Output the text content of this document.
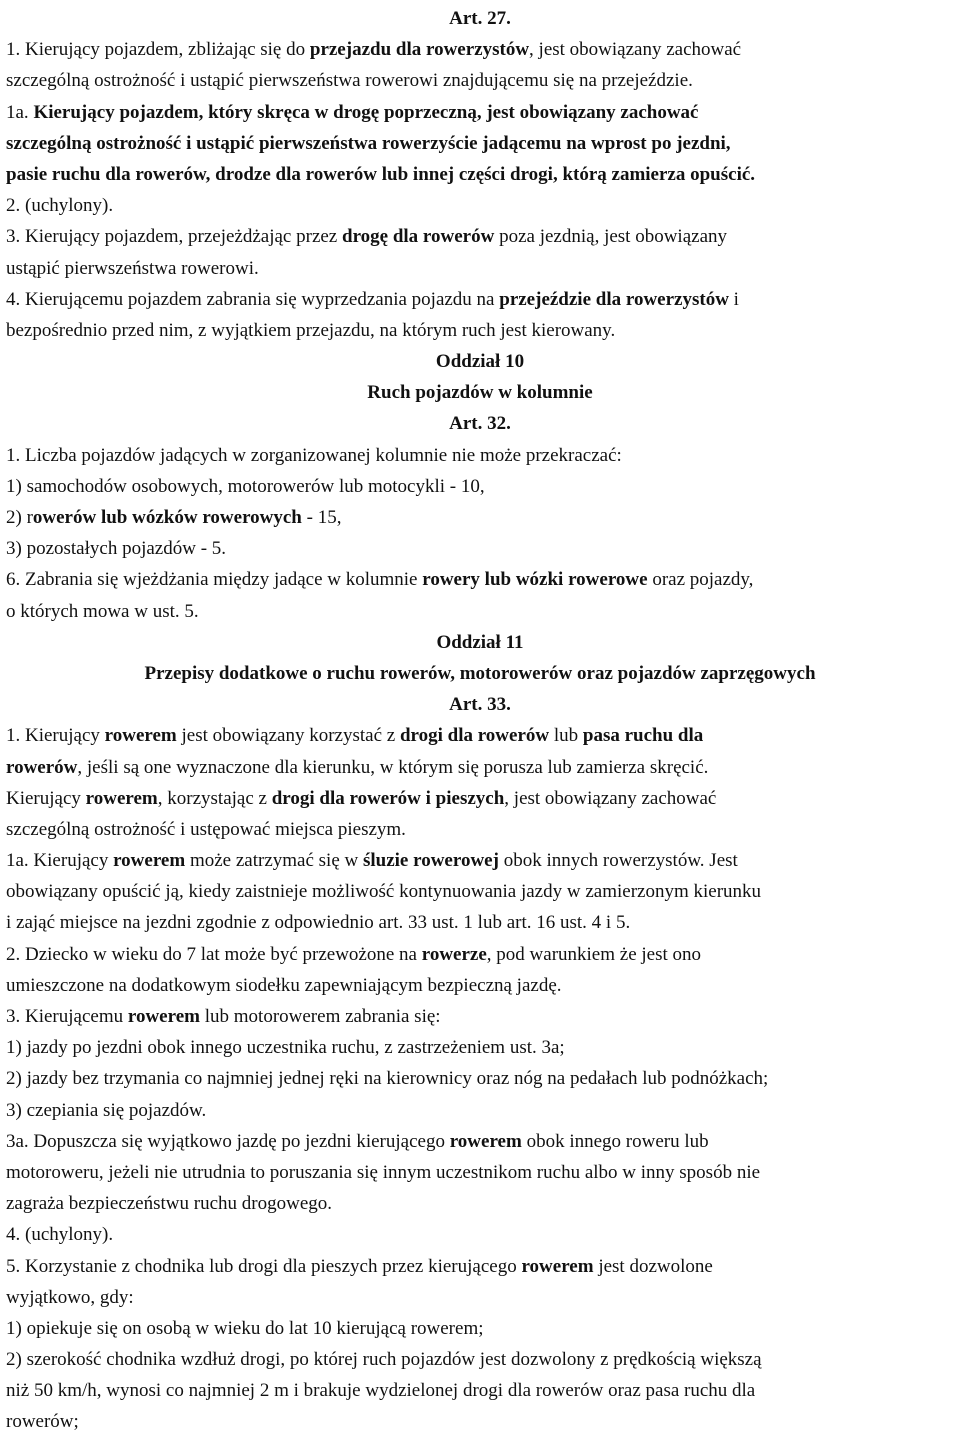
Art. 27.
1. Kierujący pojazdem, zbliżając się do przejazdu dla rowerzystów, jest obowiązany zachować
szczególną ostrożność i ustąpić pierwszeństwa rowerowi znajdującemu się na przejeździe.
1a. Kierujący pojazdem, który skręca w drogę poprzeczną, jest obowiązany zachować
szczególną ostrożność i ustąpić pierwszeństwa rowerzyście jadącemu na wprost po jezdni,
pasie ruchu dla rowerów, drodze dla rowerów lub innej części drogi, którą zamierza opuścić.
2. (uchylony).
3. Kierujący pojazdem, przejeżdżając przez drogę dla rowerów poza jezdnią, jest obowiązany
ustąpić pierwszeństwa rowerowi.
4. Kierującemu pojazdem zabrania się wyprzedzania pojazdu na przejeździe dla rowerzystów i
bezpośrednio przed nim, z wyjątkiem przejazdu, na którym ruch jest kierowany.
Oddział 10
Ruch pojazdów w kolumnie
Art. 32.
1. Liczba pojazdów jadących w zorganizowanej kolumnie nie może przekraczać:
1) samochodów osobowych, motorowerów lub motocykli - 10,
2) rowerów lub wózków rowerowych - 15,
3) pozostałych pojazdów - 5.
6. Zabrania się wjeżdżania między jadące w kolumnie rowery lub wózki rowerowe oraz pojazdy,
o których mowa w ust. 5.
Oddział 11
Przepisy dodatkowe o ruchu rowerów, motorowerów oraz pojazdów zaprzęgowych
Art. 33.
1. Kierujący rowerem jest obowiązany korzystać z drogi dla rowerów lub pasa ruchu dla
rowerów, jeśli są one wyznaczone dla kierunku, w którym się porusza lub zamierza skręcić.
Kierujący rowerem, korzystając z drogi dla rowerów i pieszych, jest obowiązany zachować
szczególną ostrożność i ustępować miejsca pieszym.
1a. Kierujący rowerem może zatrzymać się w śluzie rowerowej obok innych rowerzystów. Jest
obowiązany opuścić ją, kiedy zaistnieje możliwość kontynuowania jazdy w zamierzonym kierunku
i zająć miejsce na jezdni zgodnie z odpowiednio art. 33 ust. 1 lub art. 16 ust. 4 i 5.
2. Dziecko w wieku do 7 lat może być przewożone na rowerze, pod warunkiem że jest ono
umieszczone na dodatkowym siodełku zapewniającym bezpieczną jazdę.
3. Kierującemu rowerem lub motorowerem zabrania się:
1) jazdy po jezdni obok innego uczestnika ruchu, z zastrzeżeniem ust. 3a;
2) jazdy bez trzymania co najmniej jednej ręki na kierownicy oraz nóg na pedałach lub podnóżkach;
3) czepiania się pojazdów.
3a. Dopuszcza się wyjątkowo jazdę po jezdni kierującego rowerem obok innego roweru lub
motoroweru, jeżeli nie utrudnia to poruszania się innym uczestnikom ruchu albo w inny sposób nie
zagraża bezpieczeństwu ruchu drogowego.
4. (uchylony).
5. Korzystanie z chodnika lub drogi dla pieszych przez kierującego rowerem jest dozwolone
wyjątkowo, gdy:
1) opiekuje się on osobą w wieku do lat 10 kierującą rowerem;
2) szerokość chodnika wzdłuż drogi, po której ruch pojazdów jest dozwolony z prędkością większą
niż 50 km/h, wynosi co najmniej 2 m i brakuje wydzielonej drogi dla rowerów oraz pasa ruchu dla
rowerów;
